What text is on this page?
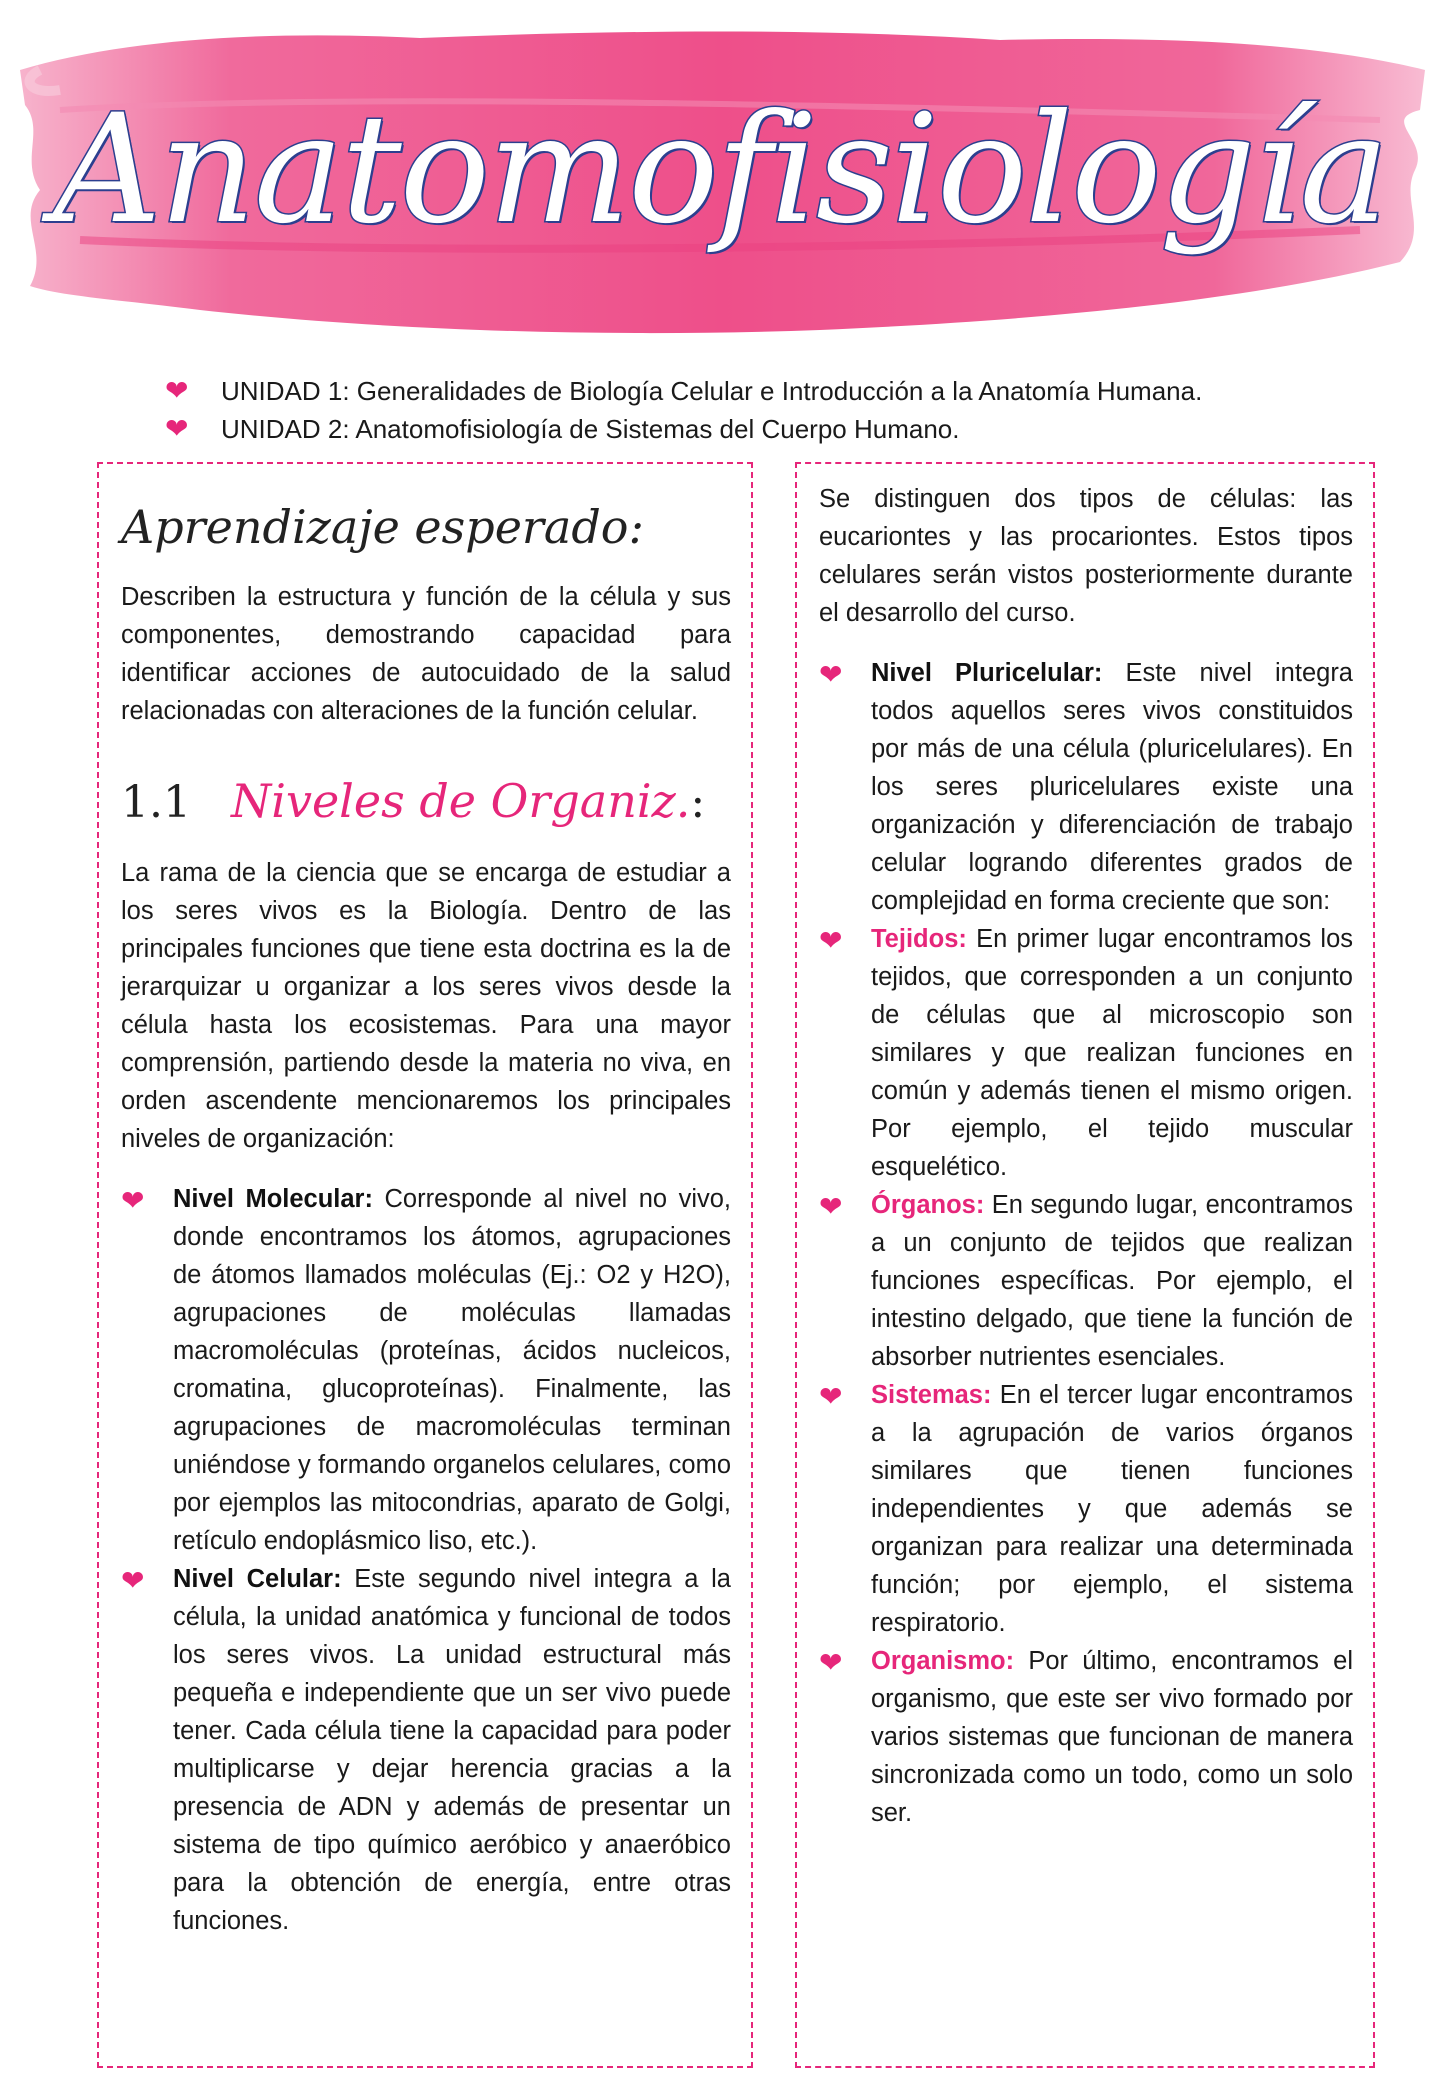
Anatomofisiología
❤ UNIDAD 1: Generalidades de Biología Celular e Introducción a la Anatomía Humana.
❤ UNIDAD 2: Anatomofisiología de Sistemas del Cuerpo Humano.
Aprendizaje esperado:

Describen la estructura y función de la célula y sus componentes, demostrando capacidad para identificar acciones de autocuidado de la salud relacionadas con alteraciones de la función celular.

1.1 Niveles de Organiz. :

La rama de la ciencia que se encarga de estudiar a los seres vivos es la Biología. Dentro de las principales funciones que tiene esta doctrina es la de jerarquizar u organizar a los seres vivos desde la célula hasta los ecosistemas. Para una mayor comprensión, partiendo desde la materia no viva, en orden ascendente mencionaremos los principales niveles de organización:

❤ Nivel Molecular: Corresponde al nivel no vivo, donde encontramos los átomos, agrupaciones de átomos llamados moléculas (Ej.: O2 y H2O), agrupaciones de moléculas llamadas macromoléculas (proteínas, ácidos nucleicos, cromatina, glucoproteínas). Finalmente, las agrupaciones de macromoléculas terminan uniéndose y formando organelos celulares, como por ejemplos las mitocondrias, aparato de Golgi, retículo endoplásmico liso, etc.).

❤ Nivel Celular: Este segundo nivel integra a la célula, la unidad anatómica y funcional de todos los seres vivos. La unidad estructural más pequeña e independiente que un ser vivo puede tener. Cada célula tiene la capacidad para poder multiplicarse y dejar herencia gracias a la presencia de ADN y además de presentar un sistema de tipo químico aeróbico y anaeróbico para la obtención de energía, entre otras funciones.

Se distinguen dos tipos de células: las eucariontes y las procariontes. Estos tipos celulares serán vistos posteriormente durante el desarrollo del curso.

❤ Nivel Pluricelular: Este nivel integra todos aquellos seres vivos constituidos por más de una célula (pluricelulares). En los seres pluricelulares existe una organización y diferenciación de trabajo celular logrando diferentes grados de complejidad en forma creciente que son:

❤ Tejidos: En primer lugar encontramos los tejidos, que corresponden a un conjunto de células que al microscopio son similares y que realizan funciones en común y además tienen el mismo origen. Por ejemplo, el tejido muscular esquelético.

❤ Órganos: En segundo lugar, encontramos a un conjunto de tejidos que realizan funciones específicas. Por ejemplo, el intestino delgado, que tiene la función de absorber nutrientes esenciales.

❤ Sistemas: En el tercer lugar encontramos a la agrupación de varios órganos similares que tienen funciones independientes y que además se organizan para realizar una determinada función; por ejemplo, el sistema respiratorio.

❤ Organismo: Por último, encontramos el organismo, que este ser vivo formado por varios sistemas que funcionan de manera sincronizada como un todo, como un solo ser.
